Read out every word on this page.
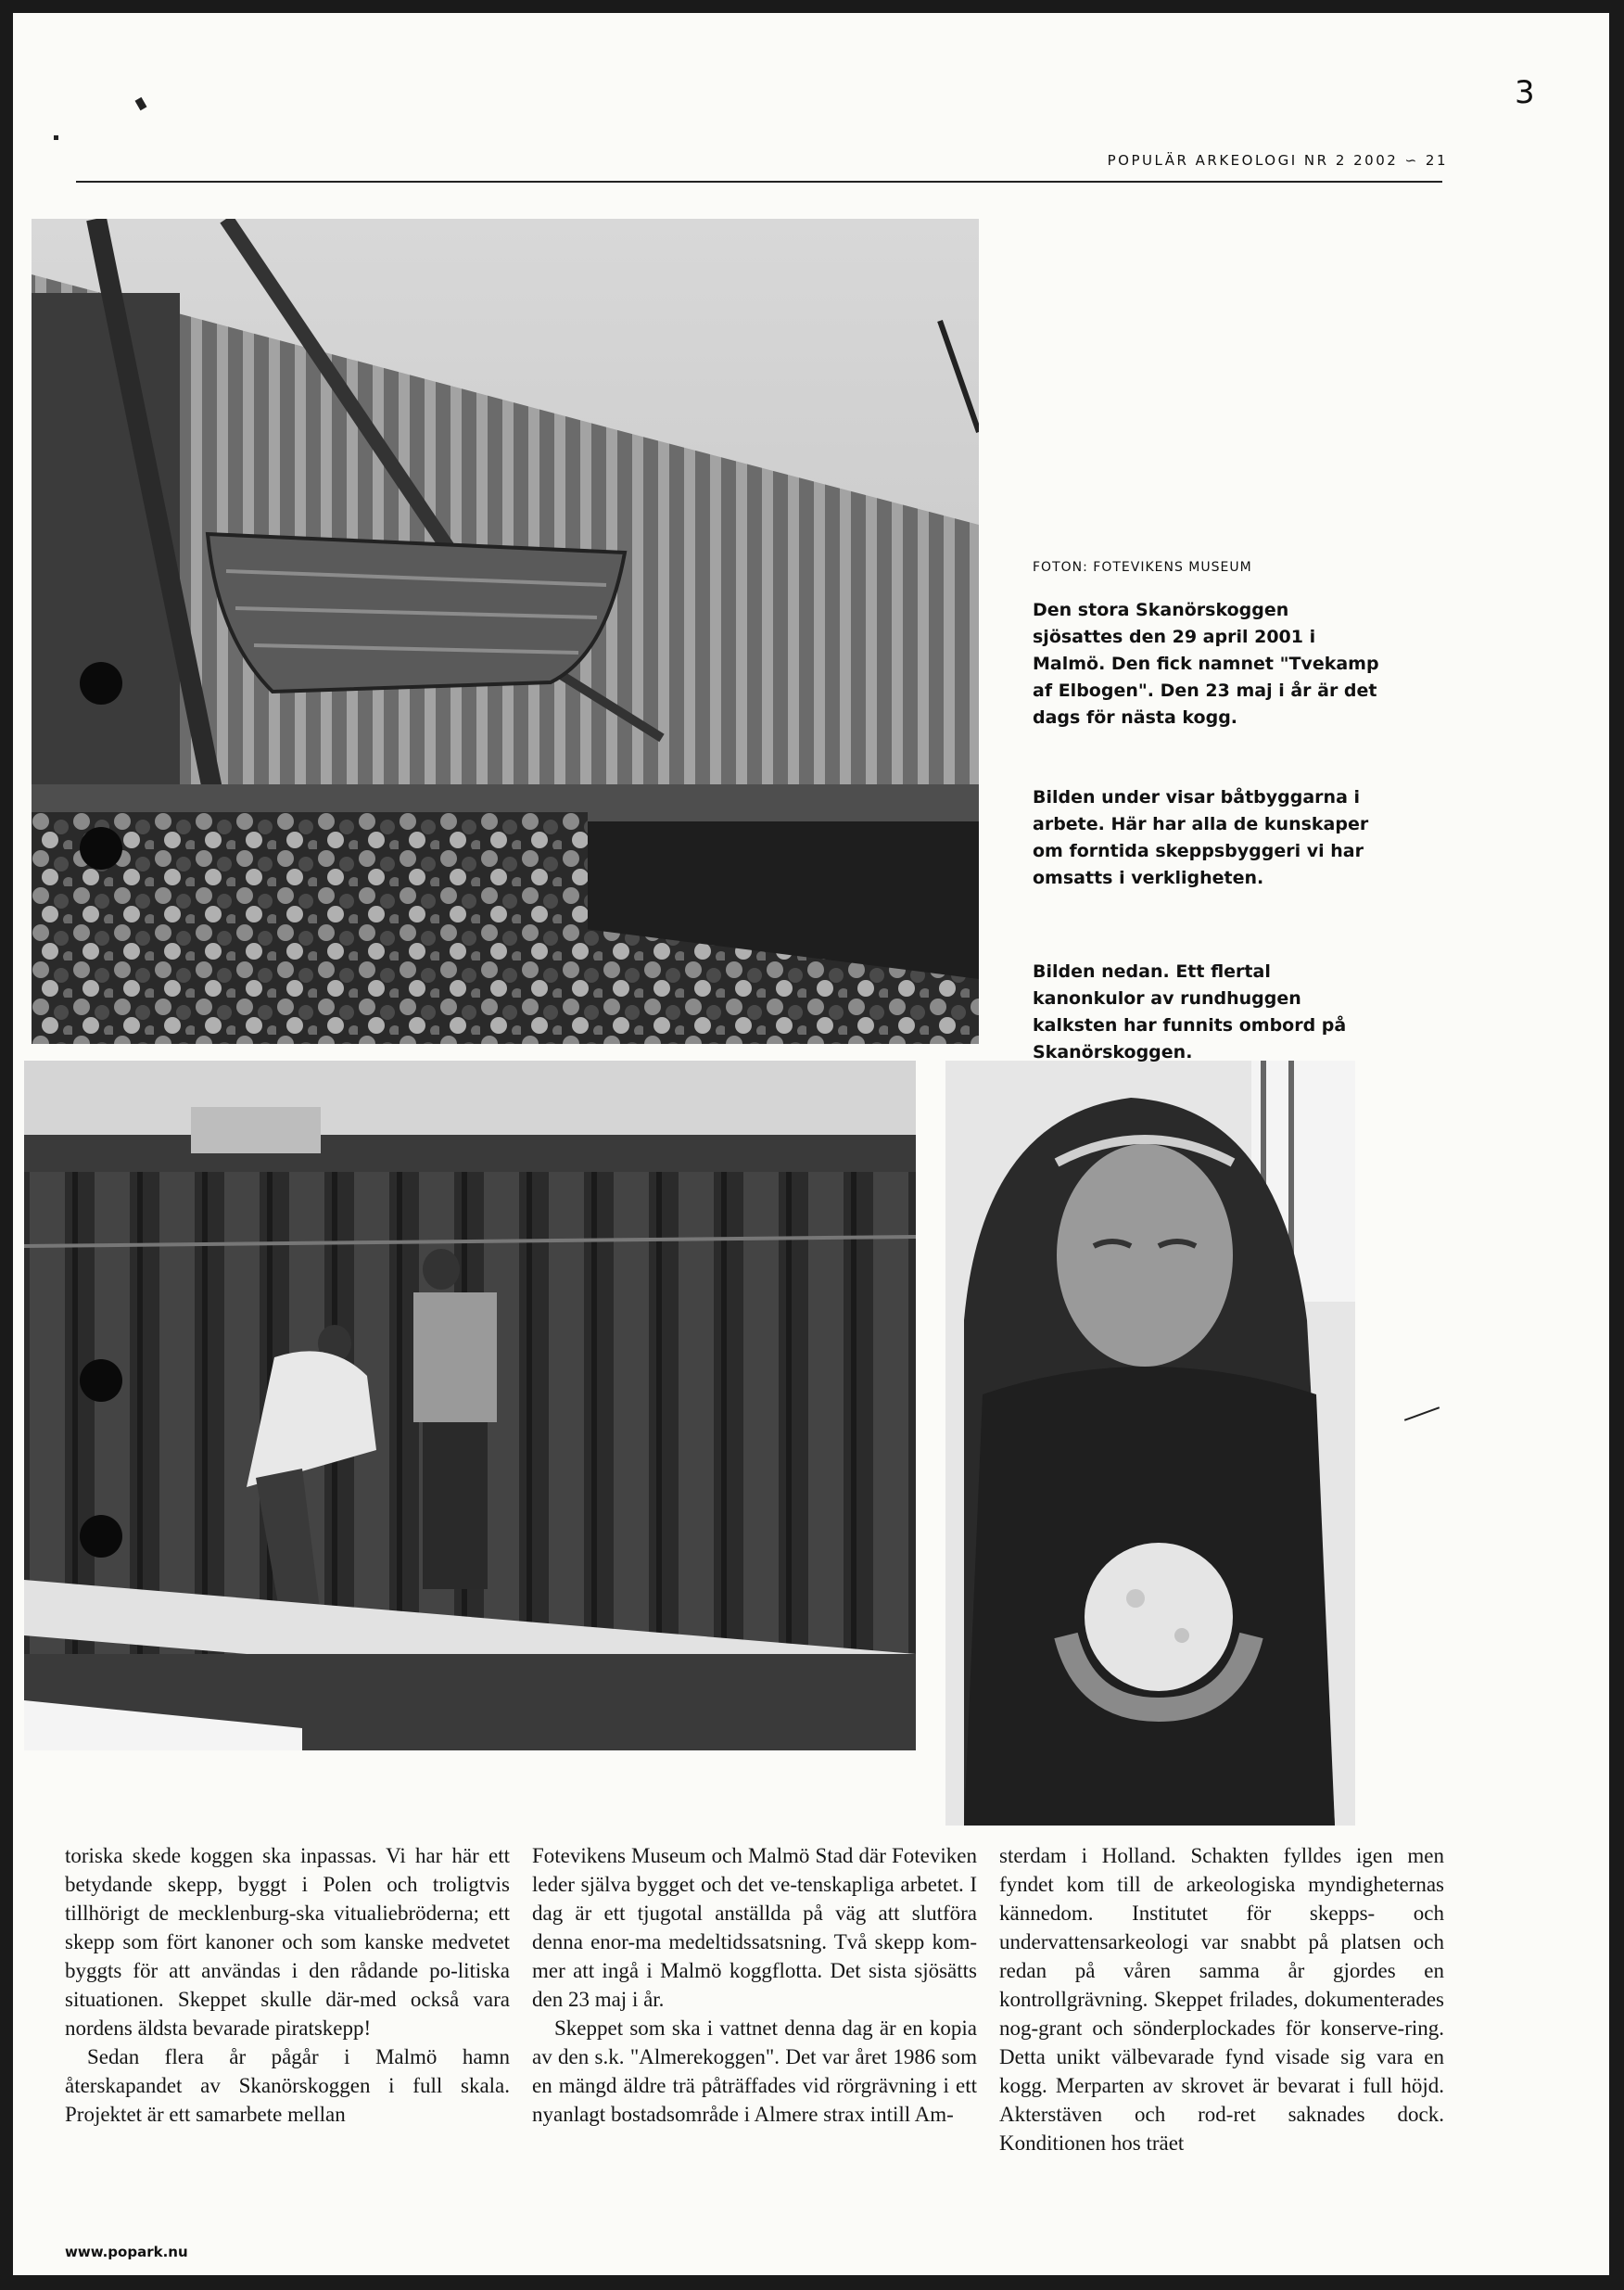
3
POPULÄR ARKEOLOGI NR 2 2002 ∽ 21
FOTON: FOTEVIKENS MUSEUM
Den stora Skanörskoggen sjösattes den 29 april 2001 i Malmö. Den fick namnet "Tvekamp af Elbogen". Den 23 maj i år är det dags för nästa kogg.
Bilden under visar båtbyggarna i arbete. Här har alla de kunskaper om forntida skeppsbyggeri vi har omsatts i verkligheten.
Bilden nedan. Ett flertal kanonkulor av rundhuggen kalksten har funnits ombord på Skanörskoggen.

toriska skede koggen ska inpassas. Vi har här ett betydande skepp, byggt i Polen och troligtvis tillhörigt de mecklenburg-ska vitualiebröderna; ett skepp som fört kanoner och som kanske medvetet byggts för att användas i den rådande po-litiska situationen. Skeppet skulle där-med också vara nordens äldsta bevarade piratskepp!

Sedan flera år pågår i Malmö hamn återskapandet av Skanörskoggen i full skala. Projektet är ett samarbete mellan

Fotevikens Museum och Malmö Stad där Foteviken leder själva bygget och det ve-tenskapliga arbetet. I dag är ett tjugotal anställda på väg att slutföra denna enor-ma medeltidssatsning. Två skepp kom-mer att ingå i Malmö koggflotta. Det sista sjösätts den 23 maj i år.

Skeppet som ska i vattnet denna dag är en kopia av den s.k. "Almerekoggen". Det var året 1986 som en mängd äldre trä påträffades vid rörgrävning i ett nyanlagt bostadsområde i Almere strax intill Am-

sterdam i Holland. Schakten fylldes igen men fyndet kom till de arkeologiska myndigheternas kännedom. Institutet för skepps- och undervattensarkeologi var snabbt på platsen och redan på våren samma år gjordes en kontrollgrävning. Skeppet frilades, dokumenterades nog-grant och sönderplockades för konserve-ring. Detta unikt välbevarade fynd visade sig vara en kogg. Merparten av skrovet är bevarat i full höjd. Akterstäven och rod-ret saknades dock. Konditionen hos träet

www.popark.nu
